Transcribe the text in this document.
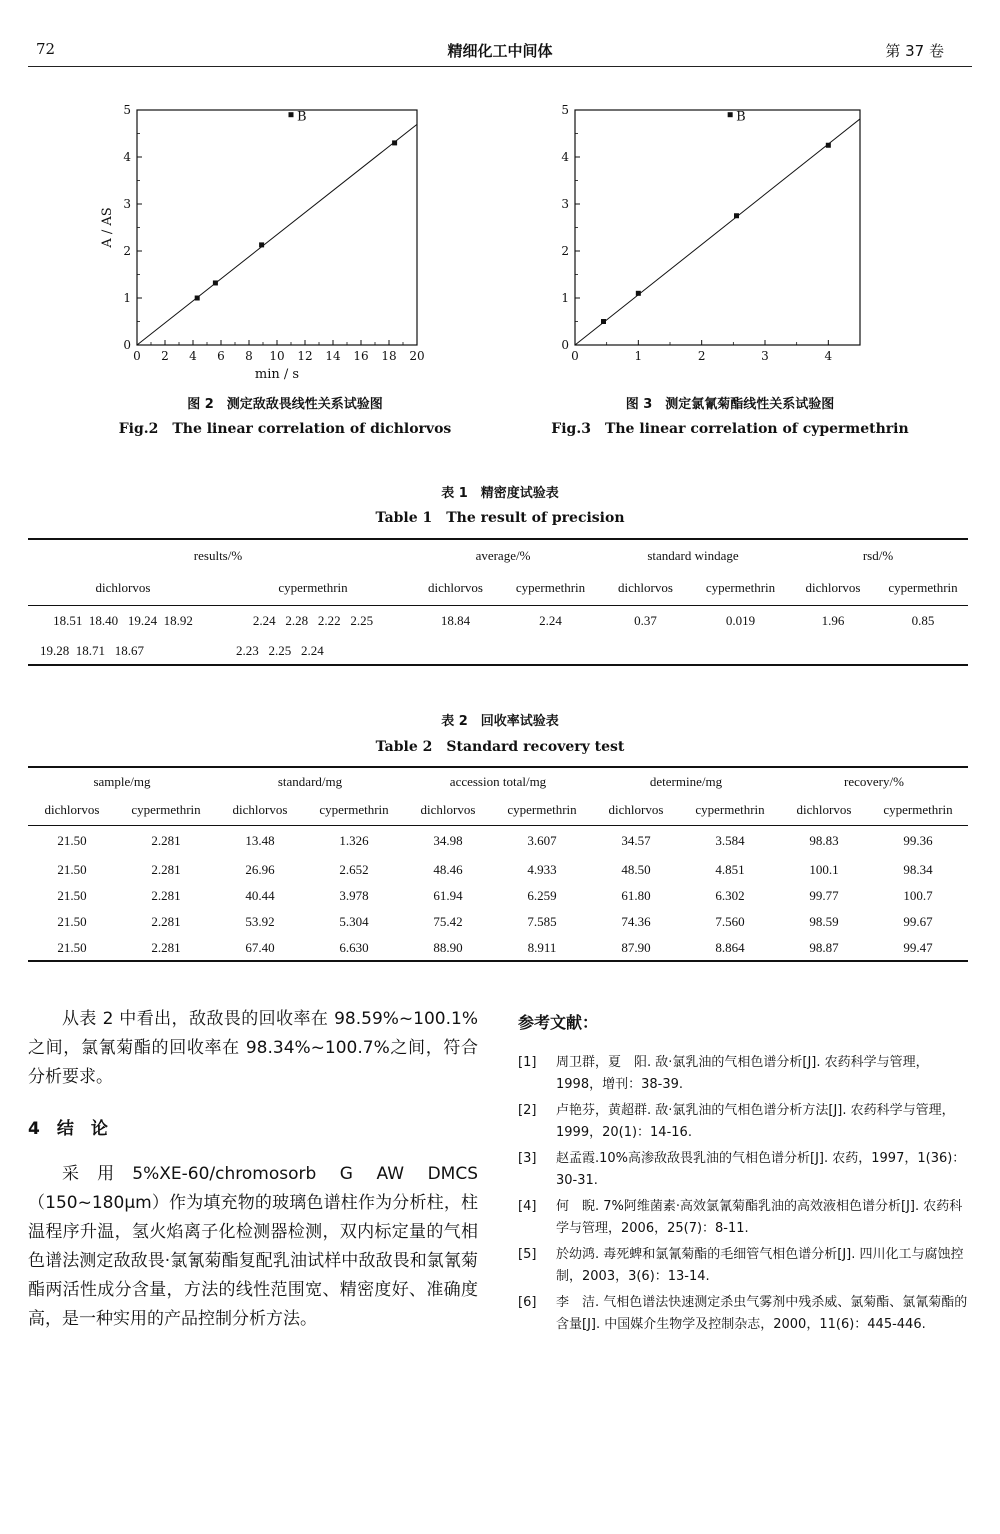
72	精细化工中间体	第 37 卷
0 2 4 6 8 10 12 14 16 18 20
0
1
2
3
4
5	B
min / s
A / AS
图 2　测定敌敌畏线性关系试验图
Fig.2　The linear correlation of dichlorvos
0	1	2	3	4
0
1
2
3
4
5	B
图 3　测定氯氰菊酯线性关系试验图
Fig.3　The linear correlation of cypermethrin
表 1　精密度试验表
Table 1　The result of precision
results/%		average/%		standard windage		rsd/%	
dichlorvos	cypermethrin	dichlorvos	cypermethrin	dichlorvos	cypermethrin	dichlorvos	cypermethrin
18.51  18.40   19.24  18.92	2.24   2.28   2.22   2.25	18.84	2.24	0.37	0.019	1.96	0.85
19.28  18.71   18.67	2.23   2.25   2.24						
表 2　回收率试验表
Table 2　Standard recovery test
sample/mg		standard/mg		accession total/mg		determine/mg		recovery/%	
dichlorvos	cypermethrin	dichlorvos	cypermethrin	dichlorvos	cypermethrin	dichlorvos	cypermethrin	dichlorvos	cypermethrin
21.50	2.281	13.48	1.326	34.98	3.607	34.57	3.584	98.83	99.36
21.50	2.281	26.96	2.652	48.46	4.933	48.50	4.851	100.1	98.34
21.50	2.281	40.44	3.978	61.94	6.259	61.80	6.302	99.77	100.7
21.50	2.281	53.92	5.304	75.42	7.585	74.36	7.560	98.59	99.67
21.50	2.281	67.40	6.630	88.90	8.911	87.90	8.864	98.87	99.47

从表 2 中看出，敌敌畏的回收率在 98.59%~100.1%之间，氯氰菊酯的回收率在 98.34%~100.7%之间，符合分析要求。

4　结　论

采用5%XE-60/chromosorb G AW DMCS（150~180μm）作为填充物的玻璃色谱柱作为分析柱，柱温程序升温，氢火焰离子化检测器检测，双内标定量的气相色谱法测定敌敌畏·氯氰菊酯复配乳油试样中敌敌畏和氯氰菊酯两活性成分含量，方法的线性范围宽、精密度好、准确度高，是一种实用的产品控制分析方法。

参考文献：
[1] 周卫群，夏　阳. 敌·氯乳油的气相色谱分析[J]. 农药科学与管理，1998，增刊：38-39.
[2] 卢艳芬，黄超群. 敌·氯乳油的气相色谱分析方法[J]. 农药科学与管理，1999，20(1)：14-16.
[3] 赵孟霞.10%高渗敌敌畏乳油的气相色谱分析[J]. 农药，1997，1(36)：30-31.
[4] 何　睨. 7%阿维菌素·高效氯氰菊酯乳油的高效液相色谱分析[J]. 农药科学与管理，2006，25(7)：8-11.
[5] 於幼鸿. 毒死蜱和氯氰菊酯的毛细管气相色谱分析[J]. 四川化工与腐蚀控制，2003，3(6)：13-14.
[6] 李　洁. 气相色谱法快速测定杀虫气雾剂中残杀威、氯菊酯、氯氰菊酯的含量[J]. 中国媒介生物学及控制杂志，2000，11(6)：445-446.
